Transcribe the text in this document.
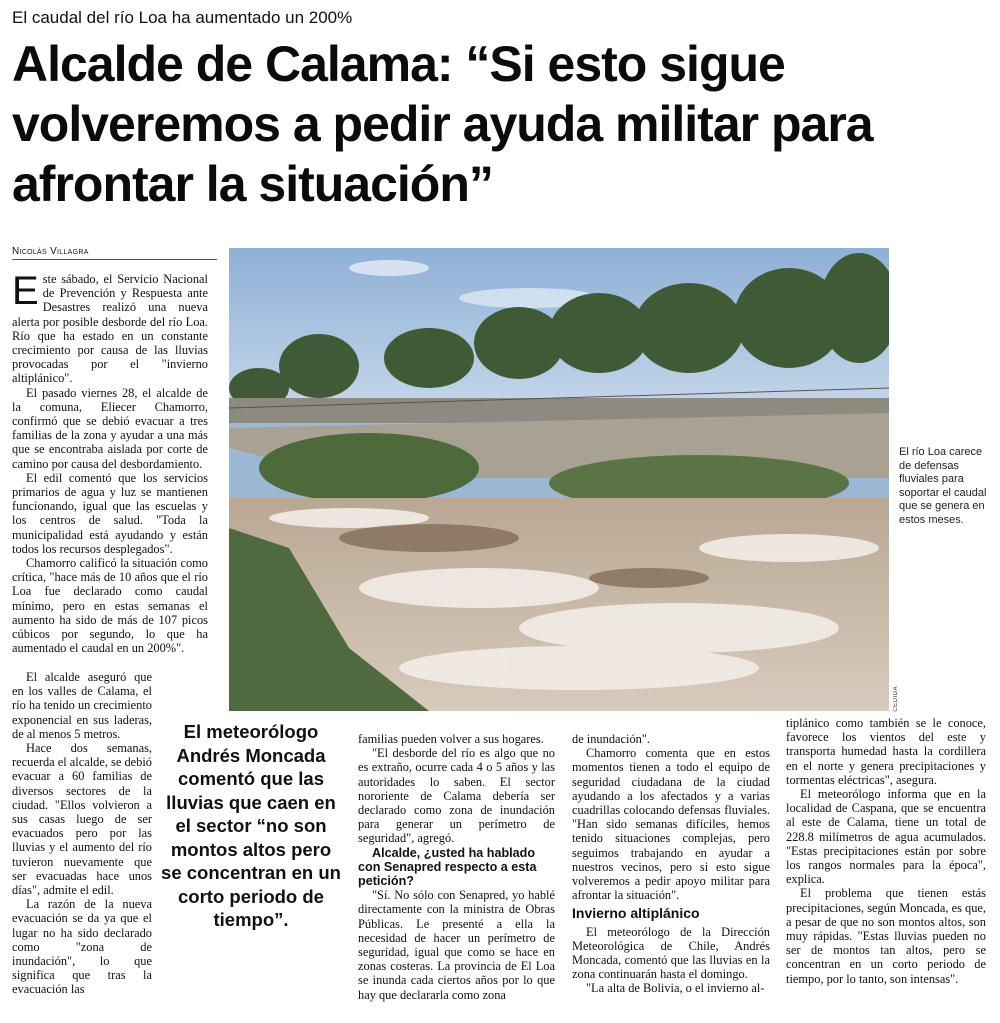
El caudal del río Loa ha aumentado un 200%
Alcalde de Calama: “Si esto sigue volveremos a pedir ayuda militar para afrontar la situación”
Nicolás Villagra

Este sábado, el Servicio Nacional de Prevención y Respuesta ante Desastres realizó una nueva alerta por posible desborde del río Loa. Río que ha estado en un constante crecimiento por causa de las lluvias provocadas por el "invierno altiplánico".

El pasado viernes 28, el alcalde de la comuna, Eliecer Chamorro, confirmó que se debió evacuar a tres familias de la zona y ayudar a una más que se encontraba aislada por corte de camino por causa del desbordamiento.

El edil comentó que los servicios primarios de agua y luz se mantienen funcionando, igual que las escuelas y los centros de salud. "Toda la municipalidad está ayudando y están todos los recursos desplegados".

Chamorro calificó la situación como crítica, "hace más de 10 años que el río Loa fue declarado como caudal mínimo, pero en estas semanas el aumento ha sido de más de 107 picos cúbicos por segundo, lo que ha aumentado el caudal en un 200%".

El alcalde aseguró que en los valles de Calama, el río ha tenido un crecimiento exponencial en sus laderas, de al menos 5 metros.

Hace dos semanas, recuerda el alcalde, se debió evacuar a 60 familias de diversos sectores de la ciudad. "Ellos volvieron a sus casas luego de ser evacuados pero por las lluvias y el aumento del río tuvieron nuevamente que ser evacuadas hace unos días", admite el edil.

La razón de la nueva evacuación se da ya que el lugar no ha sido declarado como "zona de inundación", lo que significa que tras la evacuación las

El río Loa carece de defensas fluviales para soportar el caudal que se genera en estos meses.
CEDIDA
El meteorólogo Andrés Moncada comentó que las lluvias que caen en el sector “no son montos altos pero se concentran en un corto periodo de tiempo”.

familias pueden volver a sus hogares.

"El desborde del río es algo que no es extraño, ocurre cada 4 o 5 años y las autoridades lo saben. El sector nororiente de Calama debería ser declarado como zona de inundación para generar un perímetro de seguridad", agregó.

Alcalde, ¿usted ha hablado con Senapred respecto a esta petición?

"Sí. No sólo con Senapred, yo hablé directamente con la ministra de Obras Públicas. Le presenté a ella la necesidad de hacer un perímetro de seguridad, igual que como se hace en zonas costeras. La provincia de El Loa se inunda cada ciertos años por lo que hay que declararla como zona

de inundación".

Chamorro comenta que en estos momentos tienen a todo el equipo de seguridad ciudadana de la ciudad ayudando a los afectados y a varias cuadrillas colocando defensas fluviales. "Han sido semanas difíciles, hemos tenido situaciones complejas, pero seguimos trabajando en ayudar a nuestros vecinos, pero si esto sigue volveremos a pedir apoyo militar para afrontar la situación".

Invierno altiplánico

El meteorólogo de la Dirección Meteorológica de Chile, Andrés Moncada, comentó que las lluvias en la zona continuarán hasta el domingo.

"La alta de Bolivia, o el invierno al-

tiplánico como también se le conoce, favorece los vientos del este y transporta humedad hasta la cordillera en el norte y genera precipitaciones y tormentas eléctricas", asegura.

El meteorólogo informa que en la localidad de Caspana, que se encuentra al este de Calama, tiene un total de 228.8 milímetros de agua acumulados. "Estas precipitaciones están por sobre los rangos normales para la época", explica.

El problema que tienen estás precipitaciones, según Moncada, es que, a pesar de que no son montos altos, son muy rápidas. "Estas lluvias pueden no ser de montos tan altos, pero se concentran en un corto periodo de tiempo, por lo tanto, son intensas".
